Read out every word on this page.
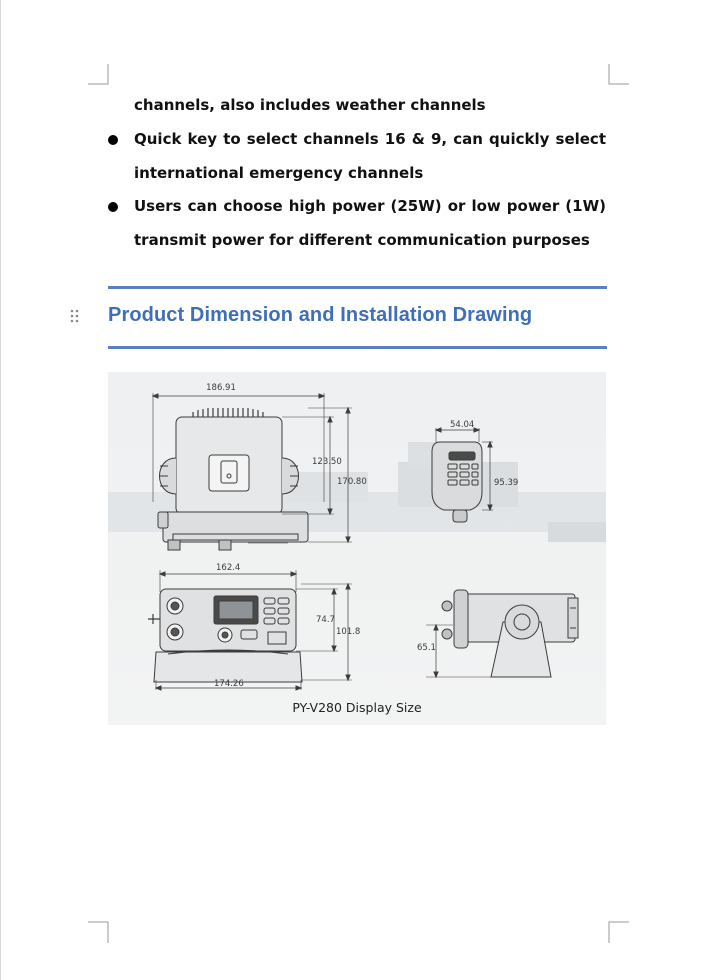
channels, also includes weather channels
Quick key to select channels 16 & 9, can quickly select international emergency channels
Users can choose high power (25W) or low power (1W) transmit power for different communication purposes
Product Dimension and Installation Drawing
186.91
123.50
170.80
54.04
95.39
162.4
74.7
101.8
174.26
65.1
PY-V280 Display Size
